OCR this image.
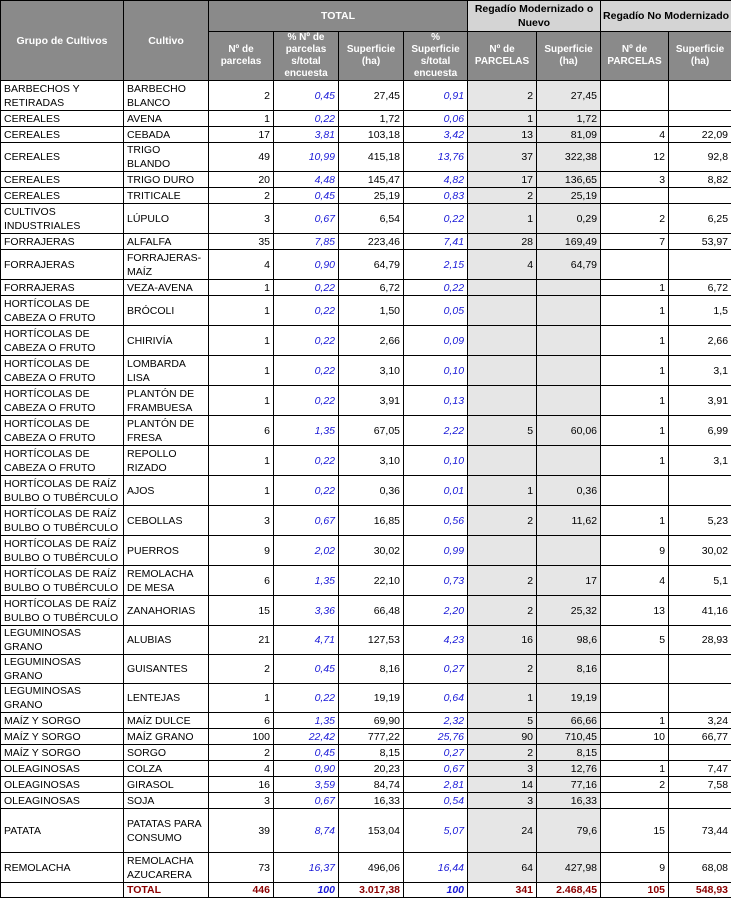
Grupo de Cultivos	Cultivo	TOTAL				Regadío Modernizado o Nuevo		Regadío No Modernizado	
		Nº de parcelas	% Nº de parcelas s/total encuesta	Superficie (ha)	% Superficie s/total encuesta	Nº de PARCELAS	Superficie (ha)	Nº de PARCELAS	Superficie (ha)
BARBECHOS Y RETIRADAS	BARBECHO BLANCO	2	0,45	27,45	0,91	2	27,45		
CEREALES	AVENA	1	0,22	1,72	0,06	1	1,72		
CEREALES	CEBADA	17	3,81	103,18	3,42	13	81,09	4	22,09
CEREALES	TRIGO BLANDO	49	10,99	415,18	13,76	37	322,38	12	92,8
CEREALES	TRIGO DURO	20	4,48	145,47	4,82	17	136,65	3	8,82
CEREALES	TRITICALE	2	0,45	25,19	0,83	2	25,19		
CULTIVOS INDUSTRIALES	LÚPULO	3	0,67	6,54	0,22	1	0,29	2	6,25
FORRAJERAS	ALFALFA	35	7,85	223,46	7,41	28	169,49	7	53,97
FORRAJERAS	FORRAJERAS-MAÍZ	4	0,90	64,79	2,15	4	64,79		
FORRAJERAS	VEZA-AVENA	1	0,22	6,72	0,22			1	6,72
HORTÍCOLAS DE CABEZA O FRUTO	BRÓCOLI	1	0,22	1,50	0,05			1	1,5
HORTÍCOLAS DE CABEZA O FRUTO	CHIRIVÍA	1	0,22	2,66	0,09			1	2,66
HORTÍCOLAS DE CABEZA O FRUTO	LOMBARDA LISA	1	0,22	3,10	0,10			1	3,1
HORTÍCOLAS DE CABEZA O FRUTO	PLANTÓN DE FRAMBUESA	1	0,22	3,91	0,13			1	3,91
HORTÍCOLAS DE CABEZA O FRUTO	PLANTÓN DE FRESA	6	1,35	67,05	2,22	5	60,06	1	6,99
HORTÍCOLAS DE CABEZA O FRUTO	REPOLLO RIZADO	1	0,22	3,10	0,10			1	3,1
HORTÍCOLAS DE RAÍZ BULBO O TUBÉRCULO	AJOS	1	0,22	0,36	0,01	1	0,36		
HORTÍCOLAS DE RAÍZ BULBO O TUBÉRCULO	CEBOLLAS	3	0,67	16,85	0,56	2	11,62	1	5,23
HORTÍCOLAS DE RAÍZ BULBO O TUBÉRCULO	PUERROS	9	2,02	30,02	0,99			9	30,02
HORTÍCOLAS DE RAÍZ BULBO O TUBÉRCULO	REMOLACHA DE MESA	6	1,35	22,10	0,73	2	17	4	5,1
HORTÍCOLAS DE RAÍZ BULBO O TUBÉRCULO	ZANAHORIAS	15	3,36	66,48	2,20	2	25,32	13	41,16
LEGUMINOSAS GRANO	ALUBIAS	21	4,71	127,53	4,23	16	98,6	5	28,93
LEGUMINOSAS GRANO	GUISANTES	2	0,45	8,16	0,27	2	8,16		
LEGUMINOSAS GRANO	LENTEJAS	1	0,22	19,19	0,64	1	19,19		
MAÍZ Y SORGO	MAÍZ DULCE	6	1,35	69,90	2,32	5	66,66	1	3,24
MAÍZ Y SORGO	MAÍZ GRANO	100	22,42	777,22	25,76	90	710,45	10	66,77
MAÍZ Y SORGO	SORGO	2	0,45	8,15	0,27	2	8,15		
OLEAGINOSAS	COLZA	4	0,90	20,23	0,67	3	12,76	1	7,47
OLEAGINOSAS	GIRASOL	16	3,59	84,74	2,81	14	77,16	2	7,58
OLEAGINOSAS	SOJA	3	0,67	16,33	0,54	3	16,33		
PATATA	PATATAS PARA CONSUMO	39	8,74	153,04	5,07	24	79,6	15	73,44
REMOLACHA	REMOLACHA AZUCARERA	73	16,37	496,06	16,44	64	427,98	9	68,08
	TOTAL	446	100	3.017,38	100	341	2.468,45	105	548,93
